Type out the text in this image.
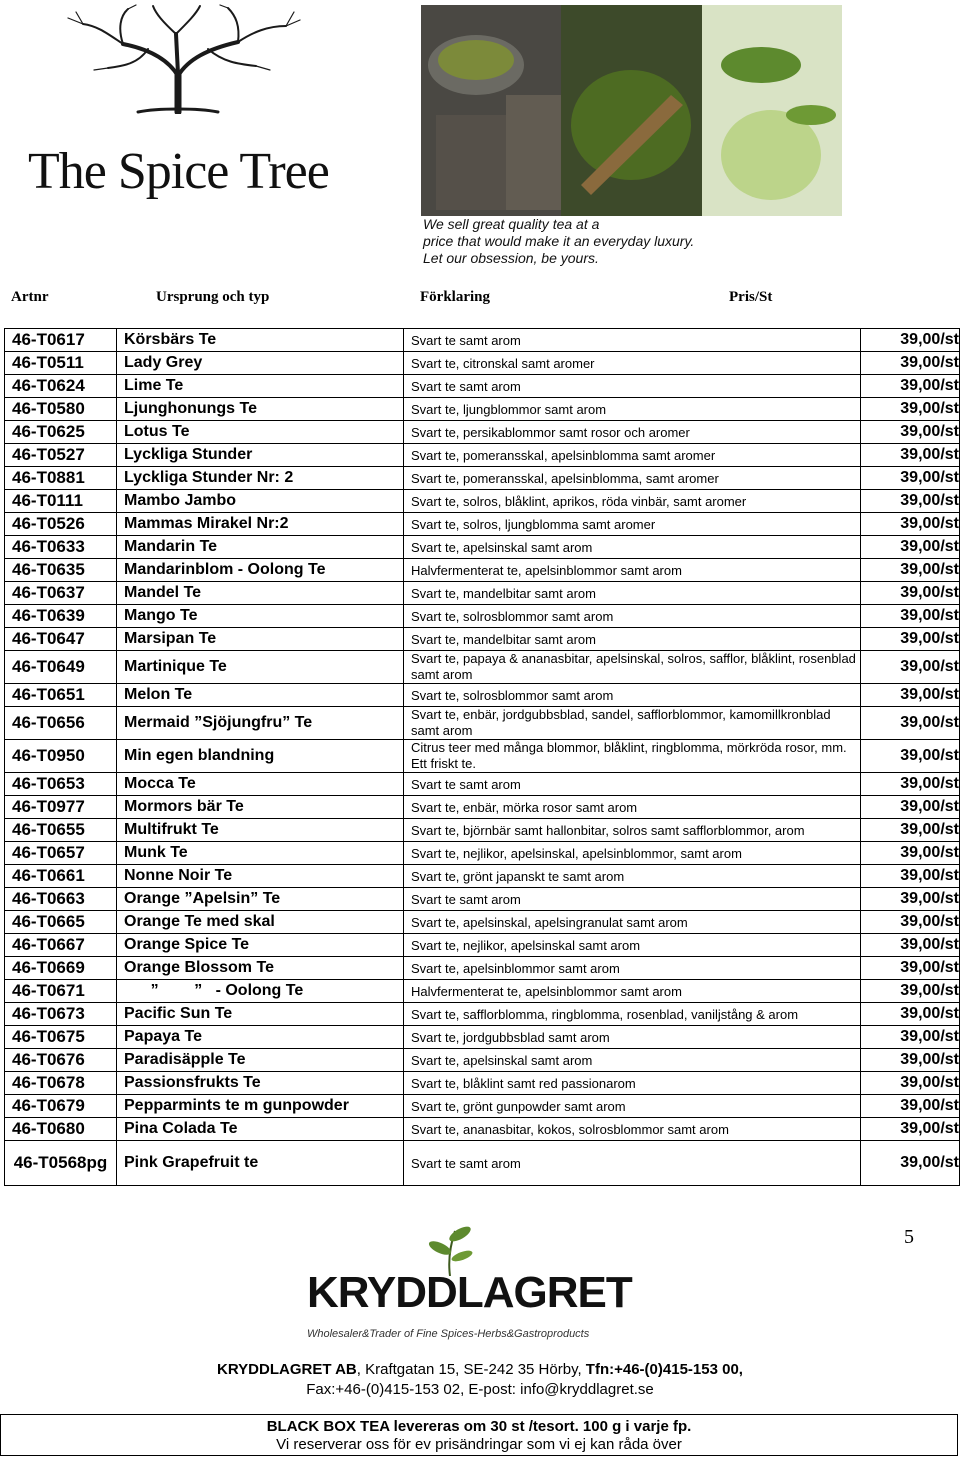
The Spice Tree
We sell great quality tea at a
price that would make it an everyday luxury.
Let our obsession, be yours.
Artnr	Ursprung och typ	Förklaring	Pris/St
46-T0617	Körsbärs Te	Svart te samt arom	39,00/st
46-T0511	Lady Grey	Svart te, citronskal samt aromer	39,00/st
46-T0624	Lime Te	Svart te samt arom	39,00/st
46-T0580	Ljunghonungs Te	Svart te, ljungblommor samt arom	39,00/st
46-T0625	Lotus Te	Svart te, persikablommor samt rosor och aromer	39,00/st
46-T0527	Lyckliga Stunder	Svart te, pomeransskal, apelsinblomma samt aromer	39,00/st
46-T0881	Lyckliga Stunder Nr: 2	Svart te, pomeransskal, apelsinblomma, samt aromer	39,00/st
46-T0111	Mambo Jambo	Svart te, solros, blåklint, aprikos, röda vinbär, samt aromer	39,00/st
46-T0526	Mammas Mirakel Nr:2	Svart te, solros, ljungblomma samt aromer	39,00/st
46-T0633	Mandarin Te	Svart te, apelsinskal samt arom	39,00/st
46-T0635	Mandarinblom - Oolong Te	Halvfermenterat te, apelsinblommor samt arom	39,00/st
46-T0637	Mandel Te	Svart te, mandelbitar samt arom	39,00/st
46-T0639	Mango Te	Svart te, solrosblommor samt arom	39,00/st
46-T0647	Marsipan Te	Svart te, mandelbitar samt arom	39,00/st
46-T0649	Martinique Te	Svart te, papaya & ananasbitar, apelsinskal, solros, safflor, blåklint, rosenblad samt arom	39,00/st
46-T0651	Melon Te	Svart te, solrosblommor samt arom	39,00/st
46-T0656	Mermaid ”Sjöjungfru” Te	Svart te, enbär, jordgubbsblad, sandel, safflorblommor, kamomillkronblad samt arom	39,00/st
46-T0950	Min egen blandning	Citrus teer med många blommor, blåklint, ringblomma, mörkröda rosor, mm. Ett friskt te.	39,00/st
46-T0653	Mocca Te	Svart te samt arom	39,00/st
46-T0977	Mormors bär Te	Svart te, enbär, mörka rosor samt arom	39,00/st
46-T0655	Multifrukt Te	Svart te, björnbär samt hallonbitar, solros samt safflorblommor, arom	39,00/st
46-T0657	Munk Te	Svart te, nejlikor, apelsinskal, apelsinblommor, samt arom	39,00/st
46-T0661	Nonne Noir Te	Svart te, grönt japanskt te samt arom	39,00/st
46-T0663	Orange ”Apelsin” Te	Svart te samt arom	39,00/st
46-T0665	Orange Te med skal	Svart te, apelsinskal, apelsingranulat samt arom	39,00/st
46-T0667	Orange Spice Te	Svart te, nejlikor, apelsinskal samt arom	39,00/st
46-T0669	Orange Blossom Te	Svart te, apelsinblommor samt arom	39,00/st
46-T0671	”        ”   - Oolong Te	Halvfermenterat te, apelsinblommor samt arom	39,00/st
46-T0673	Pacific Sun Te	Svart te, safflorblomma, ringblomma, rosenblad, vaniljstång & arom	39,00/st
46-T0675	Papaya Te	Svart te, jordgubbsblad samt arom	39,00/st
46-T0676	Paradisäpple Te	Svart te, apelsinskal samt arom	39,00/st
46-T0678	Passionsfrukts Te	Svart te, blåklint samt red passionarom	39,00/st
46-T0679	Pepparmints te m gunpowder	Svart te, grönt gunpowder samt arom	39,00/st
46-T0680	Pina Colada Te	Svart te, ananasbitar, kokos, solrosblommor samt arom	39,00/st
46-T0568pg	Pink Grapefruit te	Svart te samt arom	39,00/st
5
KRYDDLAGRET
Wholesaler&Trader of Fine Spices-Herbs&Gastroproducts
KRYDDLAGRET AB, Kraftgatan 15, SE-242 35 Hörby, Tfn:+46-(0)415-153 00,
Fax:+46-(0)415-153 02, E-post: info@kryddlagret.se
BLACK BOX TEA levereras om 30 st /tesort. 100 g i varje fp.
Vi reserverar oss för ev prisändringar som vi ej kan råda över
